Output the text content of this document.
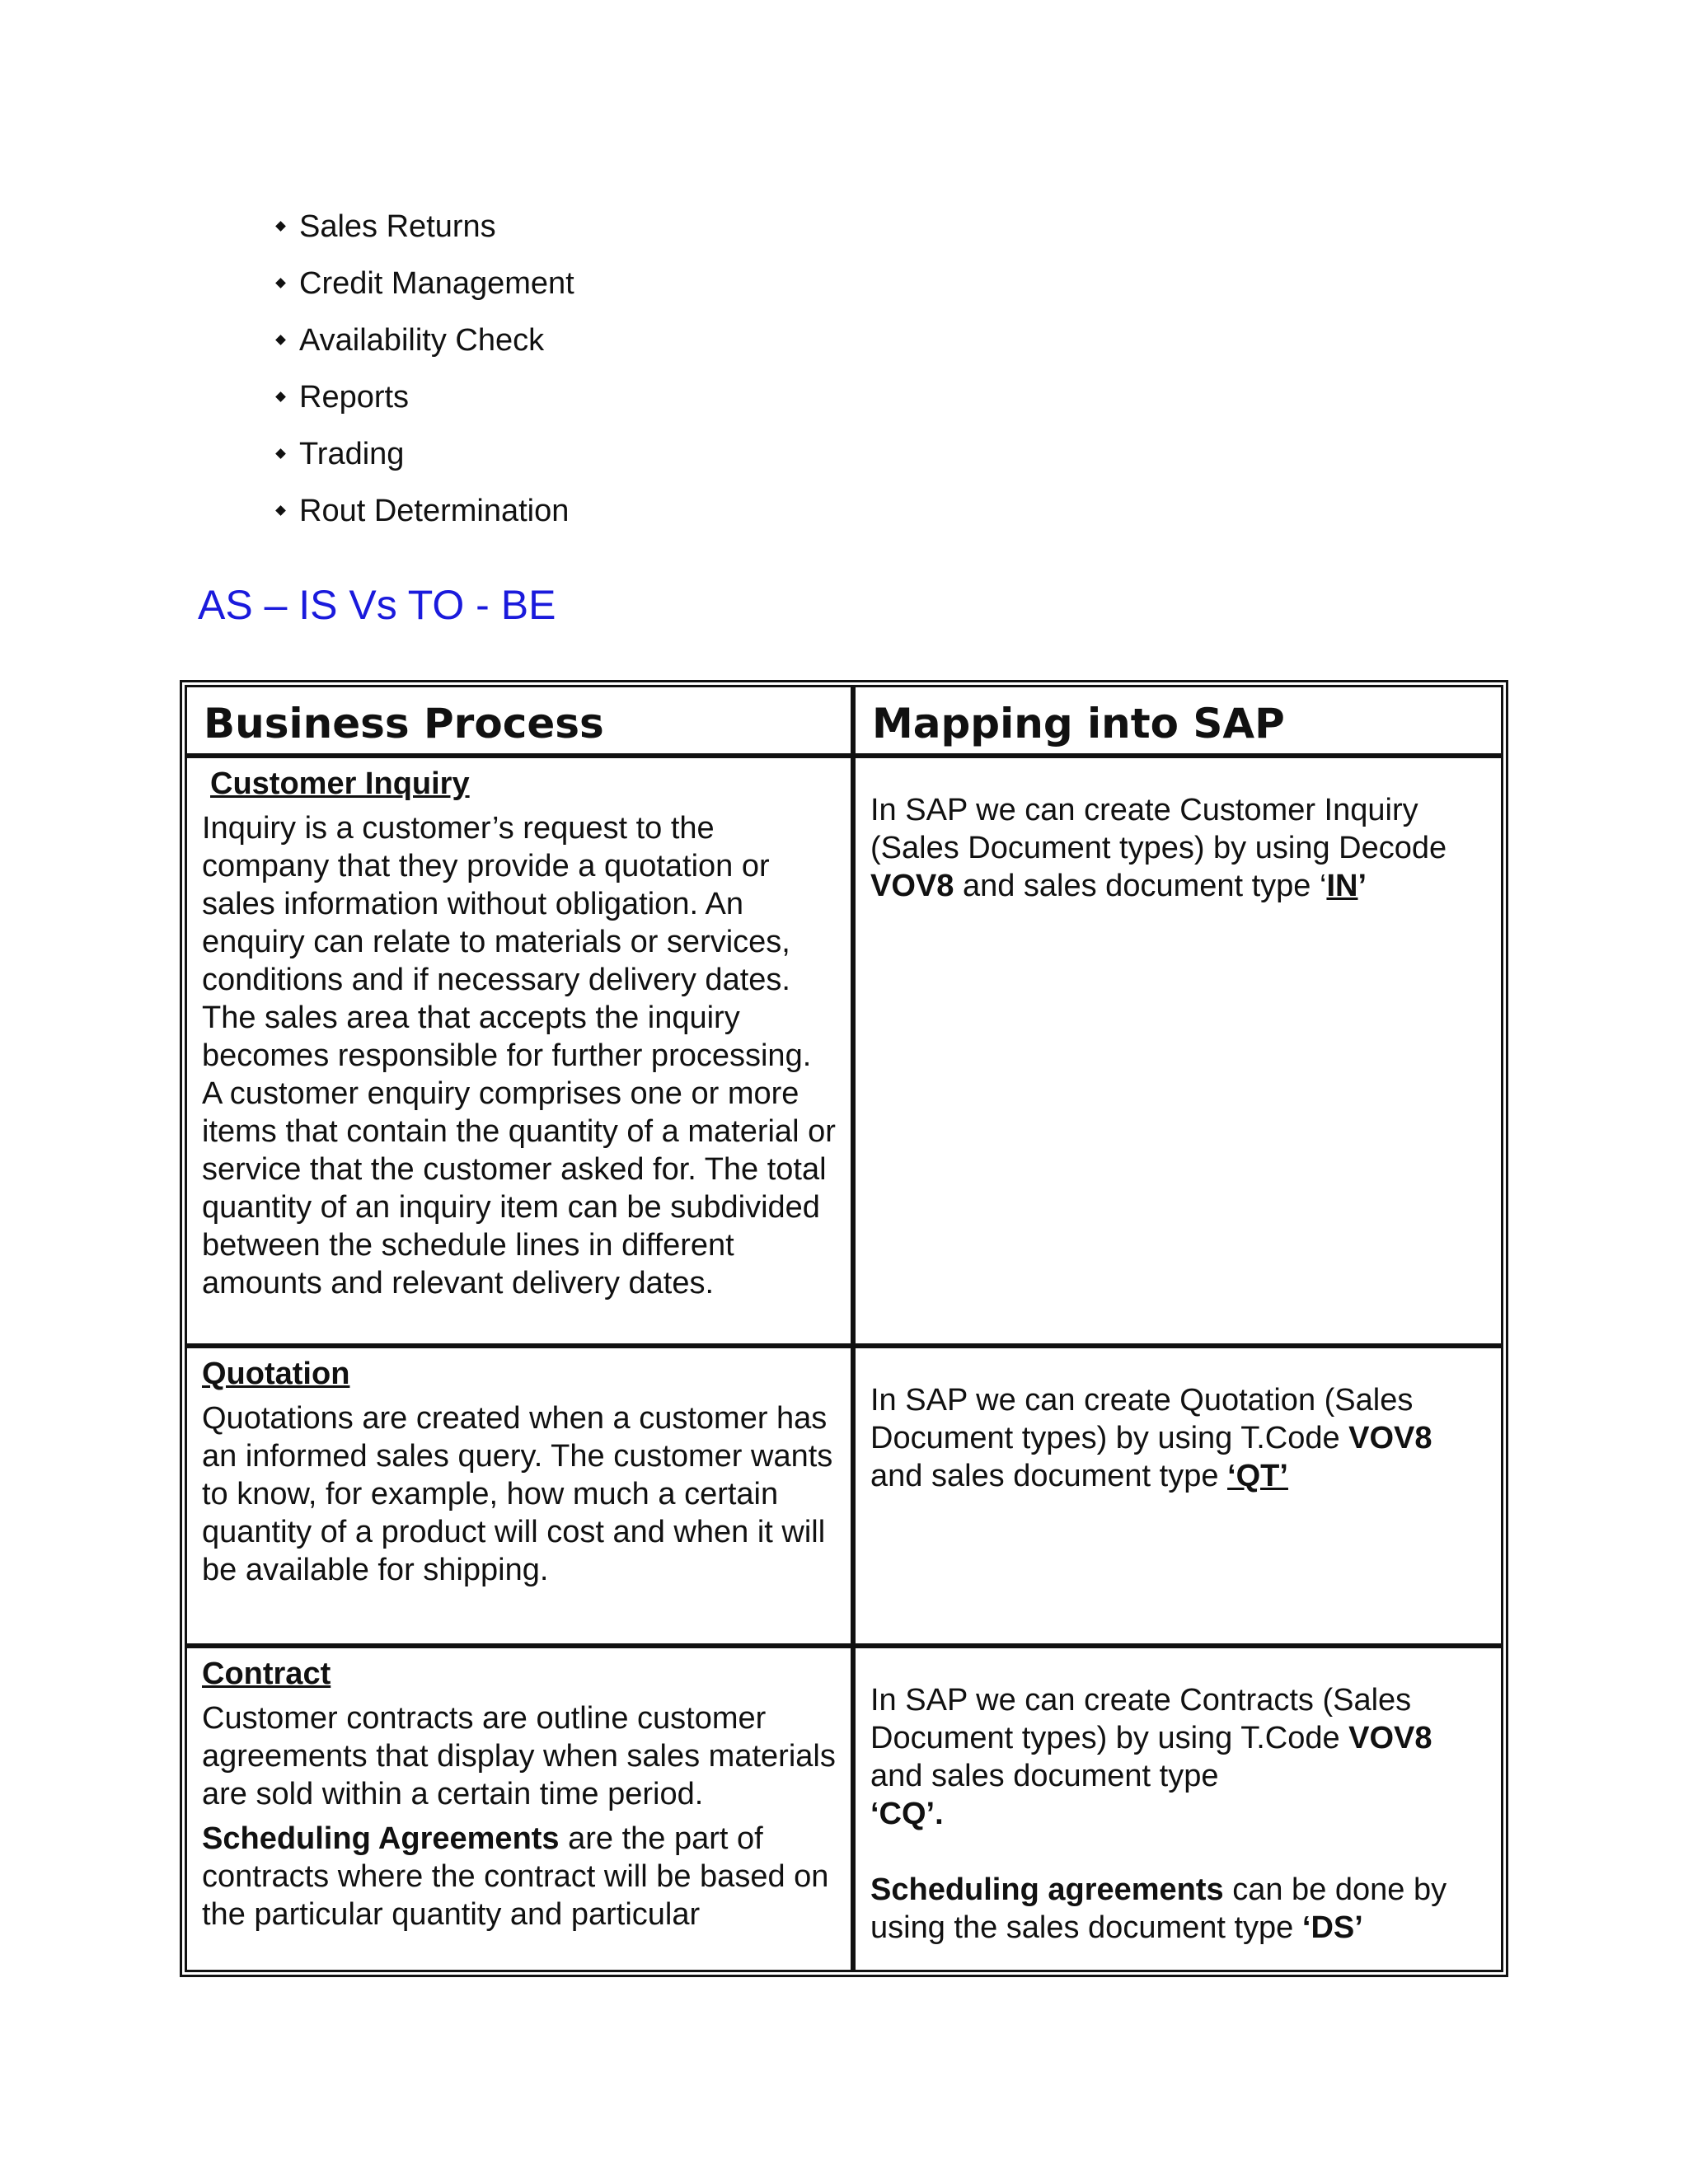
Sales Returns
Credit Management
Availability Check
Reports
Trading
Rout Determination
AS – IS Vs TO - BE
Business Process	Mapping into SAP
Customer Inquiry

Inquiry is a customer’s request to the company that they provide a quotation or sales information without obligation. An enquiry can relate to materials or services, conditions and if necessary delivery dates. The sales area that accepts the inquiry becomes responsible for further processing. A customer enquiry comprises one or more items that contain the quantity of a material or service that the customer asked for. The total quantity of an inquiry item can be subdivided between the schedule lines in different amounts and relevant delivery dates.

In SAP we can create Customer Inquiry (Sales Document types) by using Decode VOV8 and sales document type ‘IN’

Quotation

Quotations are created when a customer has an informed sales query. The customer wants to know, for example, how much a certain quantity of a product will cost and when it will be available for shipping.

In SAP we can create Quotation (Sales Document types) by using T.Code VOV8 and sales document type ‘QT’

Contract

Customer contracts are outline customer agreements that display when sales materials are sold within a certain time period.

Scheduling Agreements are the part of contracts where the contract will be based on the particular quantity and particular

In SAP we can create Contracts (Sales Document types) by using T.Code VOV8 and sales document type
‘CQ’.

Scheduling agreements can be done by using the sales document type ‘DS’
